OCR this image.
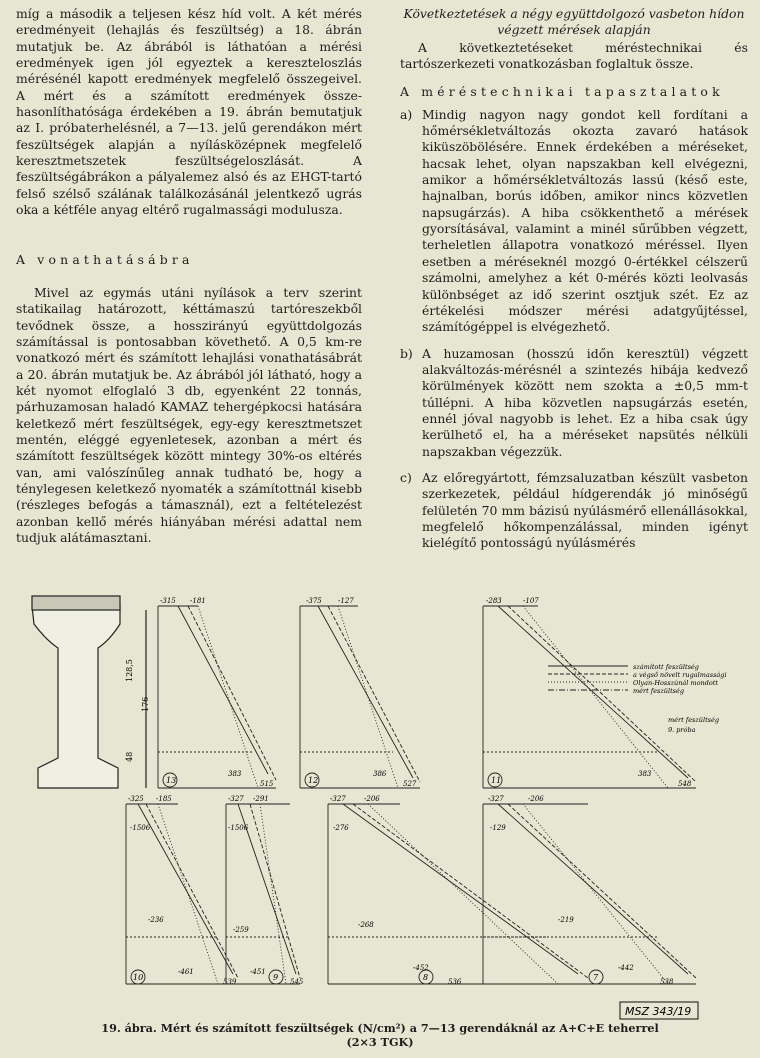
míg a második a teljesen kész híd volt. A két mérés eredményeit (lehajlás és feszültség) a 18. ábrán mutatjuk be. Az ábrából is láthatóan a mérési eredmények igen jól egyeztek a kereszteloszlás mérésénél kapott eredmények megfelelő összegeivel. A mért és a számított eredmények összehasonlíthatósága érdekében a 19. ábrán bemutatjuk az I. próbaterhelésnél, a 7—13. jelű gerendákon mért feszültségek alapján a nyílásközépnek megfelelő keresztmetszetek feszültségeloszlását. A feszültségábrákon a pályalemez alsó és az EHGT-tartó felső szélső szálának találkozásánál jelentkező ugrás oka a kétféle anyag eltérő rugalmassági modulusza.

A vonathatásábra

Mivel az egymás utáni nyílások a terv szerint statikailag határozott, kéttámaszú tartóreszekből tevődnek össze, a hosszirányú együttdolgozás számítással is pontosabban követhető. A 0,5 km-re vonatkozó mért és számított lehajlási vonathatásábrát a 20. ábrán mutatjuk be. Az ábrából jól látható, hogy a két nyomot elfoglaló 3 db, egyenként 22 tonnás, párhuzamosan haladó KAMAZ tehergépkocsi hatására keletkező mért feszültségek, egy-egy keresztmetszet mentén, eléggé egyenletesek, azonban a mért és számított feszültségek között mintegy 30%-os eltérés van, ami valószínűleg annak tudható be, hogy a ténylegesen keletkező nyomaték a számítottnál kisebb (részleges befogás a támasznál), ezt a feltételezést azonban kellő mérés hiányában mérési adattal nem tudjuk alátámasztani.

Következtetések a négy együttdolgozó vasbeton hídon végzett mérések alapján

A következtetéseket méréstechnikai és tartószerkezeti vonatkozásban foglaltuk össze.

A méréstechnikai tapasztalatok

a) Mindig nagyon nagy gondot kell fordítani a hőmérsékletváltozás okozta zavaró hatások kiküszöbölésére. Ennek érdekében a méréseket, hacsak lehet, olyan napszakban kell elvégezni, amikor a hőmérsékletváltozás lassú (késő este, hajnalban, borús időben, amikor nincs közvetlen napsugárzás). A hiba csökkenthető a mérések gyorsításával, valamint a minél sűrűbben végzett, terheletlen állapotra vonatkozó méréssel. Ilyen esetben a méréseknél mozgó 0-értékkel célszerű számolni, amelyhez a két 0-mérés közti leolvasás különbséget az idő szerint osztjuk szét. Ez az értékelési módszer mérési adatgyűjtéssel, számítógéppel is elvégezhető.

b) A huzamosan (hosszú időn keresztül) végzett alakváltozás-mérésnél a szintezés hibája kedvező körülmények között nem szokta a ±0,5 mm-t túllépni. A hiba közvetlen napsugárzás esetén, ennél jóval nagyobb is lehet. Ez a hiba csak úgy kerülhető el, ha a méréseket napsütés nélküli napszakban végezzük.

c) Az előregyártott, fémzsaluzatban készült vasbeton szerkezetek, például hídgerendák jó minőségű felületén 70 mm bázisú nyúlásmérő ellenállásokkal, megfelelő hőkompenzálással, minden igényt kielégítő pontosságú nyúlásmérés

128,5
48
176
13
-315 -181
383
515	12
-375 -127
386
527	11
-283	-107
számított feszültség
a végső növelt rugalmassági
Olyan-Hosszúnál mondott
mért feszültség
mért feszültség
9. próba
383
548
10
-325 -185
-1506
-236
-461
539	9
-327 -291
-1506
-259
-451
545	8
-327	-206
-276
-268
-452
536	7
-327	-206
-129
-219
-442
538
MSZ 343/19
19. ábra. Mért és számított feszültségek (N/cm²) a 7—13 gerendáknál az A+C+E teherrel (2×3 TGK)
